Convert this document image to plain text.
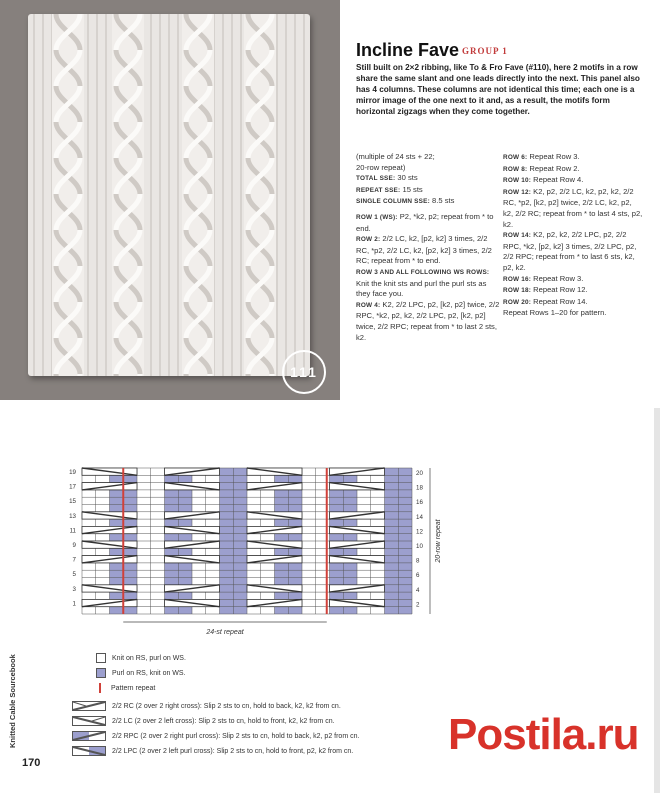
111
Incline Fave GROUP 1
Still built on 2×2 ribbing, like To & Fro Fave (#110), here 2 motifs in a row share the same slant and one leads directly into the next. This panel also has 4 columns. These columns are not identical this time; each one is a mirror image of the one next to it and, as a result, the motifs form horizontal zigzags when they come together.

(multiple of 24 sts + 22;

20-row repeat)

TOTAL SSE: 30 sts

REPEAT SSE: 15 sts

SINGLE COLUMN SSE: 8.5 sts

ROW 1 (WS): P2, *k2, p2; repeat from * to end.

ROW 2: 2/2 LC, k2, [p2, k2] 3 times, 2/2 RC, *p2, 2/2 LC, k2, [p2, k2] 3 times, 2/2 RC; repeat from * to end.

ROW 3 AND ALL FOLLOWING WS ROWS: Knit the knit sts and purl the purl sts as they face you.

ROW 4: K2, 2/2 LPC, p2, [k2, p2] twice, 2/2 RPC, *k2, p2, k2, 2/2 LPC, p2, [k2, p2] twice, 2/2 RPC; repeat from * to last 2 sts, k2.

ROW 6: Repeat Row 3.

ROW 8: Repeat Row 2.

ROW 10: Repeat Row 4.

ROW 12: K2, p2, 2/2 LC, k2, p2, k2, 2/2 RC, *p2, [k2, p2] twice, 2/2 LC, k2, p2, k2, 2/2 RC; repeat from * to last 4 sts, p2, k2.

ROW 14: K2, p2, k2, 2/2 LPC, p2, 2/2 RPC, *k2, [p2, k2] 3 times, 2/2 LPC, p2, 2/2 RPC; repeat from * to last 6 sts, k2, p2, k2.

ROW 16: Repeat Row 3.

ROW 18: Repeat Row 12.

ROW 20: Repeat Row 14.

Repeat Rows 1–20 for pattern.

19
17
15
13
11
9
7
5
3
1
20
18
16
14
12
10
8
6
4
2
24-st repeat
20-row repeat
Knit on RS, purl on WS.
Purl on RS, knit on WS.
Pattern repeat
2/2 RC (2 over 2 right cross): Slip 2 sts to cn, hold to back, k2, k2 from cn.
2/2 LC (2 over 2 left cross): Slip 2 sts to cn, hold to front, k2, k2 from cn.
2/2 RPC (2 over 2 right purl cross): Slip 2 sts to cn, hold to back, k2, p2 from cn.
2/2 LPC (2 over 2 left purl cross): Slip 2 sts to cn, hold to front, p2, k2 from cn.
Knitted Cable Sourcebook
170
Postila.ru
